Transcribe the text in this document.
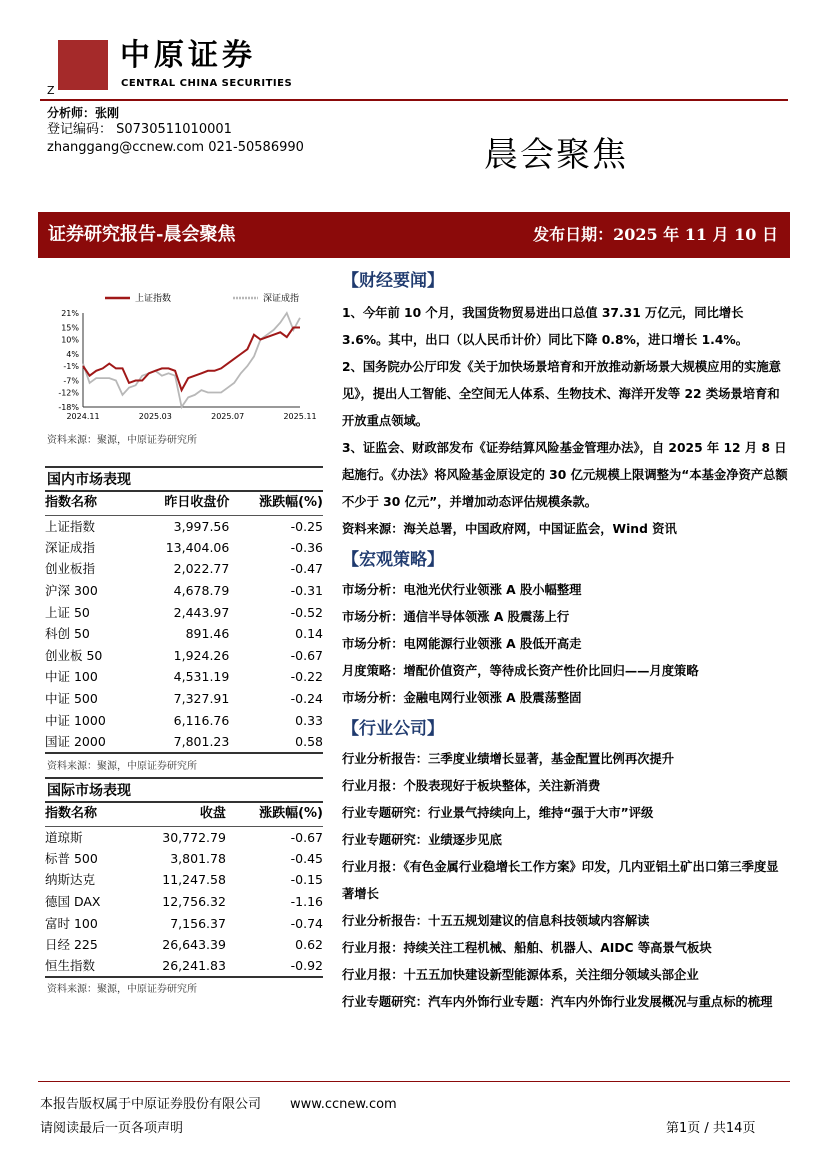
中原证券
CENTRAL CHINA SECURITIES
Z
分析师：张刚
登记编码： S0730511010001
zhanggang@ccnew.com 021-50586990	晨会聚焦
证券研究报告-晨会聚焦	发布日期：2025 年 11 月 10 日
21%
15%
10%
4%
-1%
-7%
-12%
-18%
2024.11	2025.03	2025.07	2025.11
上证指数	深证成指
资料来源：聚源，中原证券研究所
国内市场表现		
指数名称	昨日收盘价	涨跌幅(%)
上证指数	3,997.56	-0.25
深证成指	13,404.06	-0.36
创业板指	2,022.77	-0.47
沪深 300	4,678.79	-0.31
上证 50	2,443.97	-0.52
科创 50	891.46	0.14
创业板 50	1,924.26	-0.67
中证 100	4,531.19	-0.22
中证 500	7,327.91	-0.24
中证 1000	6,116.76	0.33
国证 2000	7,801.23	0.58
资料来源：聚源，中原证券研究所
国际市场表现		
指数名称	收盘	涨跌幅(%)
道琼斯	30,772.79	-0.67
标普 500	3,801.78	-0.45
纳斯达克	11,247.58	-0.15
德国 DAX	12,756.32	-1.16
富时 100	7,156.37	-0.74
日经 225	26,643.39	0.62
恒生指数	26,241.83	-0.92
资料来源：聚源，中原证券研究所
【财经要闻】
1、今年前 10 个月，我国货物贸易进出口总值 37.31 万亿元，同比增长 3.6%。其中，出口（以人民币计价）同比下降 0.8%，进口增长 1.4%。
2、国务院办公厅印发《关于加快场景培育和开放推动新场景大规模应用的实施意见》，提出人工智能、全空间无人体系、生物技术、海洋开发等 22 类场景培育和开放重点领域。
3、证监会、财政部发布《证券结算风险基金管理办法》，自 2025 年 12 月 8 日起施行。《办法》将风险基金原设定的 30 亿元规模上限调整为“本基金净资产总额不少于 30 亿元”，并增加动态评估规模条款。
资料来源：海关总署，中国政府网，中国证监会，Wind 资讯
【宏观策略】
市场分析：电池光伏行业领涨 A 股小幅整理
市场分析：通信半导体领涨 A 股震荡上行
市场分析：电网能源行业领涨 A 股低开高走
月度策略：增配价值资产，等待成长资产性价比回归——月度策略
市场分析：金融电网行业领涨 A 股震荡整固
【行业公司】
行业分析报告：三季度业绩增长显著，基金配置比例再次提升
行业月报：个股表现好于板块整体，关注新消费
行业专题研究：行业景气持续向上，维持“强于大市”评级
行业专题研究：业绩逐步见底
行业月报：《有色金属行业稳增长工作方案》印发，几内亚铝土矿出口第三季度显著增长
行业分析报告：十五五规划建议的信息科技领域内容解读
行业月报：持续关注工程机械、船舶、机器人、AIDC 等高景气板块
行业月报：十五五加快建设新型能源体系，关注细分领域头部企业
行业专题研究：汽车内外饰行业专题：汽车内外饰行业发展概况与重点标的梳理
本报告版权属于中原证券股份有限公司 www.ccnew.com
请阅读最后一页各项声明	第1页 / 共14页
